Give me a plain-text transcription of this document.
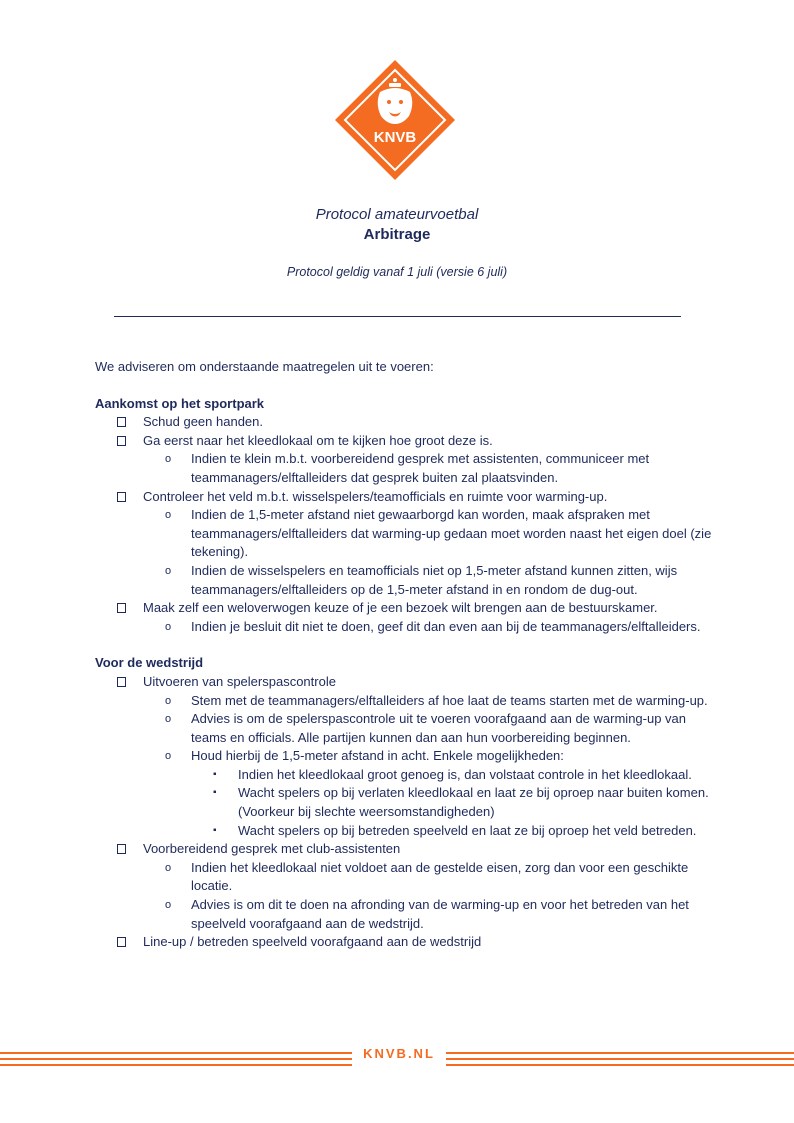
KNVB
Protocol amateurvoetbal
Arbitrage
Protocol geldig vanaf 1 juli (versie 6 juli)

We adviseren om onderstaande maatregelen uit te voeren:

Aankomst op het sportpark

Schud geen handen.

Ga eerst naar het kleedlokaal om te kijken hoe groot deze is.

o Indien te klein m.b.t. voorbereidend gesprek met assistenten, communiceer met teammanagers/elftalleiders dat gesprek buiten zal plaatsvinden.

Controleer het veld m.b.t. wisselspelers/teamofficials en ruimte voor warming-up.

o Indien de 1,5-meter afstand niet gewaarborgd kan worden, maak afspraken met teammanagers/elftalleiders dat warming-up gedaan moet worden naast het eigen doel (zie tekening).

o Indien de wisselspelers en teamofficials niet op 1,5-meter afstand kunnen zitten, wijs teammanagers/elftalleiders op de 1,5-meter afstand in en rondom de dug-out.

Maak zelf een weloverwogen keuze of je een bezoek wilt brengen aan de bestuurskamer.

o Indien je besluit dit niet te doen, geef dit dan even aan bij de teammanagers/elftalleiders.

Voor de wedstrijd

Uitvoeren van spelerspascontrole

o Stem met de teammanagers/elftalleiders af hoe laat de teams starten met de warming-up.

o Advies is om de spelerspascontrole uit te voeren voorafgaand aan de warming-up van teams en officials. Alle partijen kunnen dan aan hun voorbereiding beginnen.

o Houd hierbij de 1,5-meter afstand in acht. Enkele mogelijkheden:

▪ Indien het kleedlokaal groot genoeg is, dan volstaat controle in het kleedlokaal.

▪ Wacht spelers op bij verlaten kleedlokaal en laat ze bij oproep naar buiten komen. (Voorkeur bij slechte weersomstandigheden)

▪ Wacht spelers op bij betreden speelveld en laat ze bij oproep het veld betreden.

Voorbereidend gesprek met club-assistenten

o Indien het kleedlokaal niet voldoet aan de gestelde eisen, zorg dan voor een geschikte locatie.

o Advies is om dit te doen na afronding van de warming-up en voor het betreden van het speelveld voorafgaand aan de wedstrijd.

Line-up / betreden speelveld voorafgaand aan de wedstrijd

KNVB.NL
